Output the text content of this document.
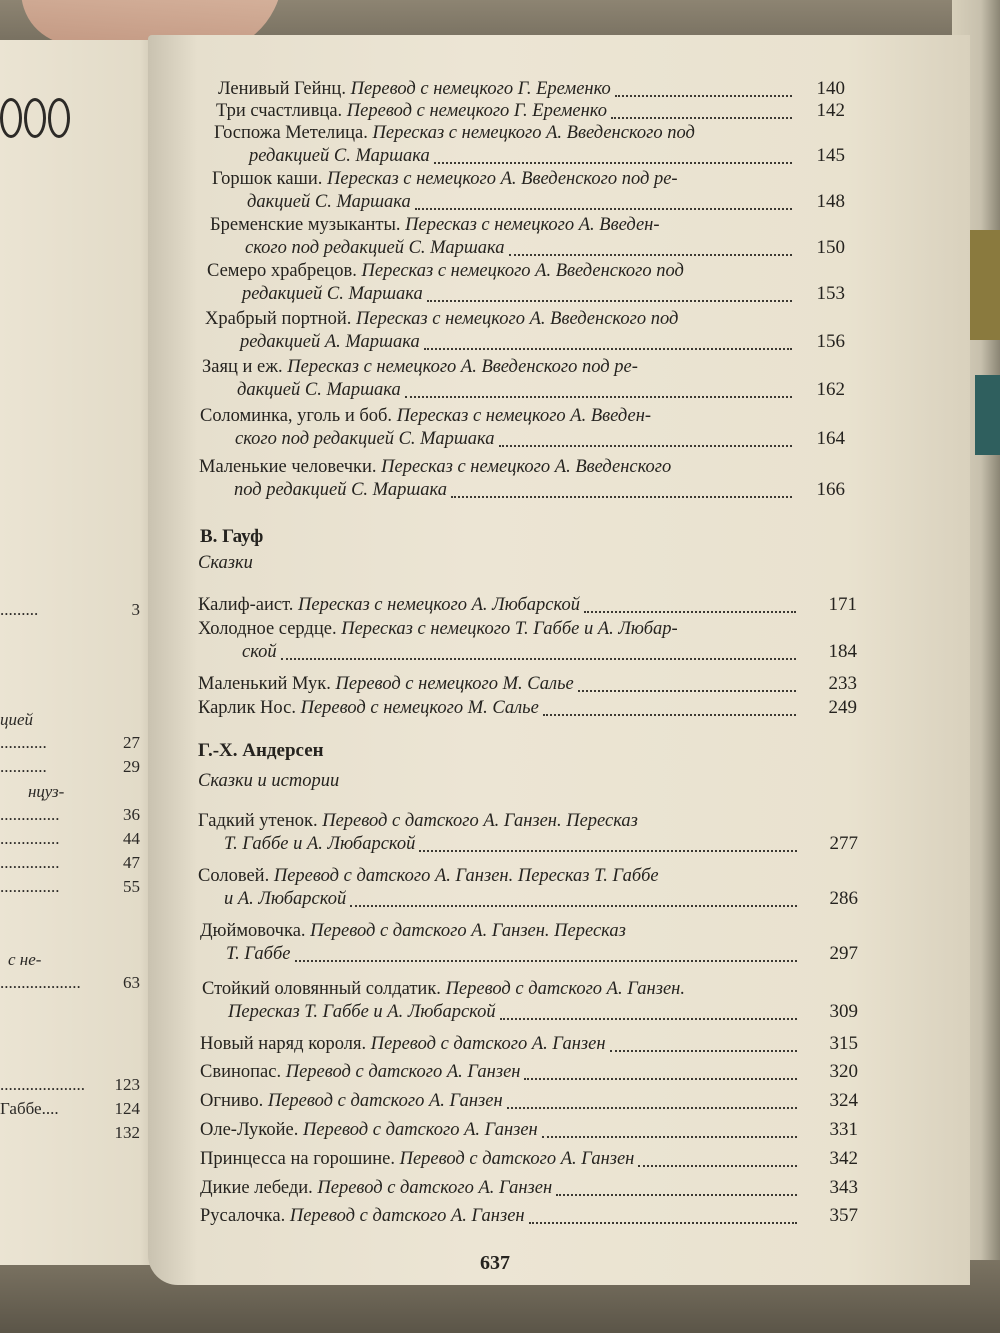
.........	3
цией
...........	27
...........	29
нцуз-
..............	36
..............	44
..............	47
..............	55
с не-
................... 63
.................... 123
Габбе....	124
132
Ленивый Гейнц. Перевод с немецкого Г. Еременко	140
Три счастливца. Перевод с немецкого Г. Еременко	142
Госпожа Метелица. Пересказ с немецкого А. Введенского под
редакцией С. Маршака	145
Горшок каши. Пересказ с немецкого А. Введенского под ре-
дакцией С. Маршака	148
Бременские музыканты. Пересказ с немецкого А. Введен-
ского под редакцией С. Маршака	150
Семеро храбрецов. Пересказ с немецкого А. Введенского под
редакцией С. Маршака	153
Храбрый портной. Пересказ с немецкого А. Введенского под
редакцией А. Маршака	156
Заяц и еж. Пересказ с немецкого А. Введенского под ре-
дакцией С. Маршака	162
Соломинка, уголь и боб. Пересказ с немецкого А. Введен-
ского под редакцией С. Маршака	164
Маленькие человечки. Пересказ с немецкого А. Введенского
под редакцией С. Маршака	166
В. Гауф
Сказки
Калиф-аист. Пересказ с немецкого А. Любарской	171
Холодное сердце. Пересказ с немецкого Т. Габбе и А. Любар-
ской	184
Маленький Мук. Перевод с немецкого М. Салье	233
Карлик Нос. Перевод с немецкого М. Салье	249
Г.-Х. Андерсен
Сказки и истории
Гадкий утенок. Перевод с датского А. Ганзен. Пересказ
Т. Габбе и А. Любарской	277
Соловей. Перевод с датского А. Ганзен. Пересказ Т. Габбе
и А. Любарской	286
Дюймовочка. Перевод с датского А. Ганзен. Пересказ
Т. Габбе	297
Стойкий оловянный солдатик. Перевод с датского А. Ганзен.
Пересказ Т. Габбе и А. Любарской	309
Новый наряд короля. Перевод с датского А. Ганзен	315
Свинопас. Перевод с датского А. Ганзен	320
Огниво. Перевод с датского А. Ганзен	324
Оле-Лукойе. Перевод с датского А. Ганзен	331
Принцесса на горошине. Перевод с датского А. Ганзен	342
Дикие лебеди. Перевод с датского А. Ганзен	343
Русалочка. Перевод с датского А. Ганзен	357
637
